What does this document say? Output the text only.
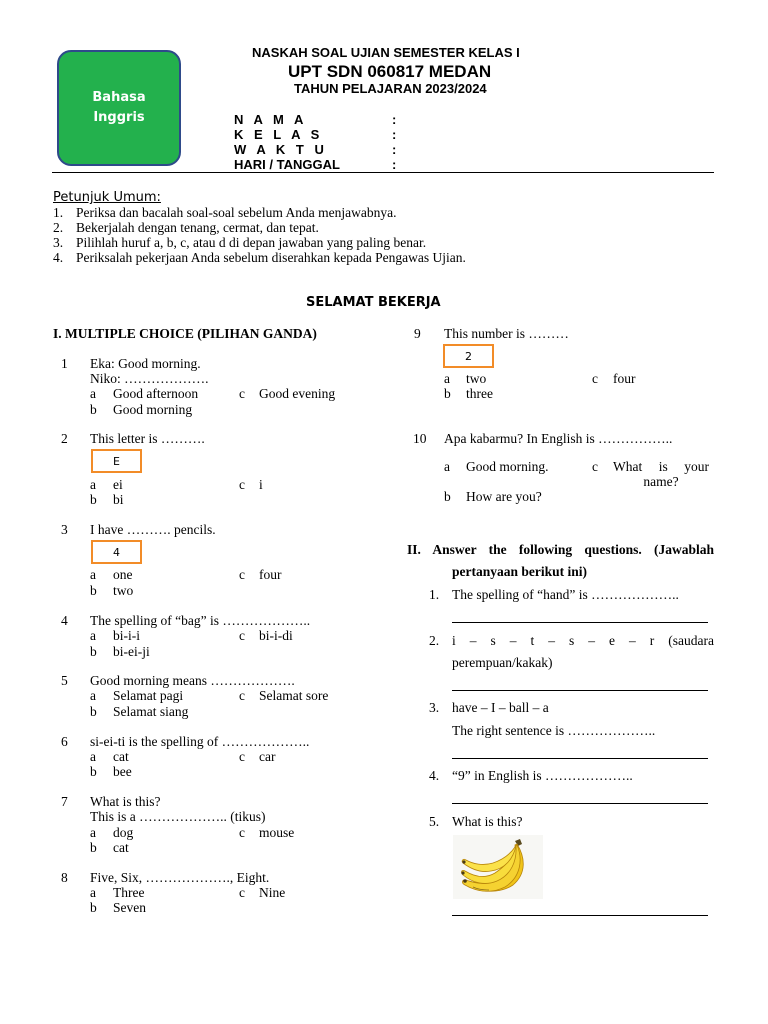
Bahasa
Inggris
NASKAH SOAL UJIAN SEMESTER KELAS I
UPT SDN 060817 MEDAN
TAHUN PELAJARAN 2023/2024
N A M A	:
K E L A S	:
W A K T U	:
HARI / TANGGAL	:
Petunjuk Umum:
1. Periksa dan bacalah soal-soal sebelum Anda menjawabnya.
2. Bekerjalah dengan tenang, cermat, dan tepat.
3. Pilihlah huruf a, b, c, atau d di depan jawaban yang paling benar.
4. Periksalah pekerjaan Anda sebelum diserahkan kepada Pengawas Ujian.
SELAMAT BEKERJA
I. MULTIPLE CHOICE (PILIHAN GANDA)
1 Eka: Good morning.
Niko: ……………….
a Good afternoon	c Good evening
b Good morning
2 This letter is ……….
E
a ei	c i
b bi
3 I have ………. pencils.
4
a one	c four
b two
4 The spelling of “bag” is ………………..
a bi-i-i	c bi-i-di
b bi-ei-ji
5 Good morning means ……………….
a Selamat pagi	c Selamat sore
b Selamat siang
6 si-ei-ti is the spelling of ………………..
a cat	c car
b bee
7 What is this?
This is a ……………….. (tikus)
a dog	c mouse
b cat
8 Five, Six, ………………., Eight.
a Three	c Nine
b Seven
9 This number is ………
2
a two	c four
b three
10 Apa kabarmu? In English is ……………..
a Good morning.	c What is your name?
b How are you?
II. Answer the following questions. (Jawablah
pertanyaan berikut ini)
1. The spelling of “hand” is ………………..
2. i – s – t – s – e – r (saudara
perempuan/kakak)
3. have – I – ball – a
The right sentence is ………………..
4. “9” in English is ………………..
5. What is this?
